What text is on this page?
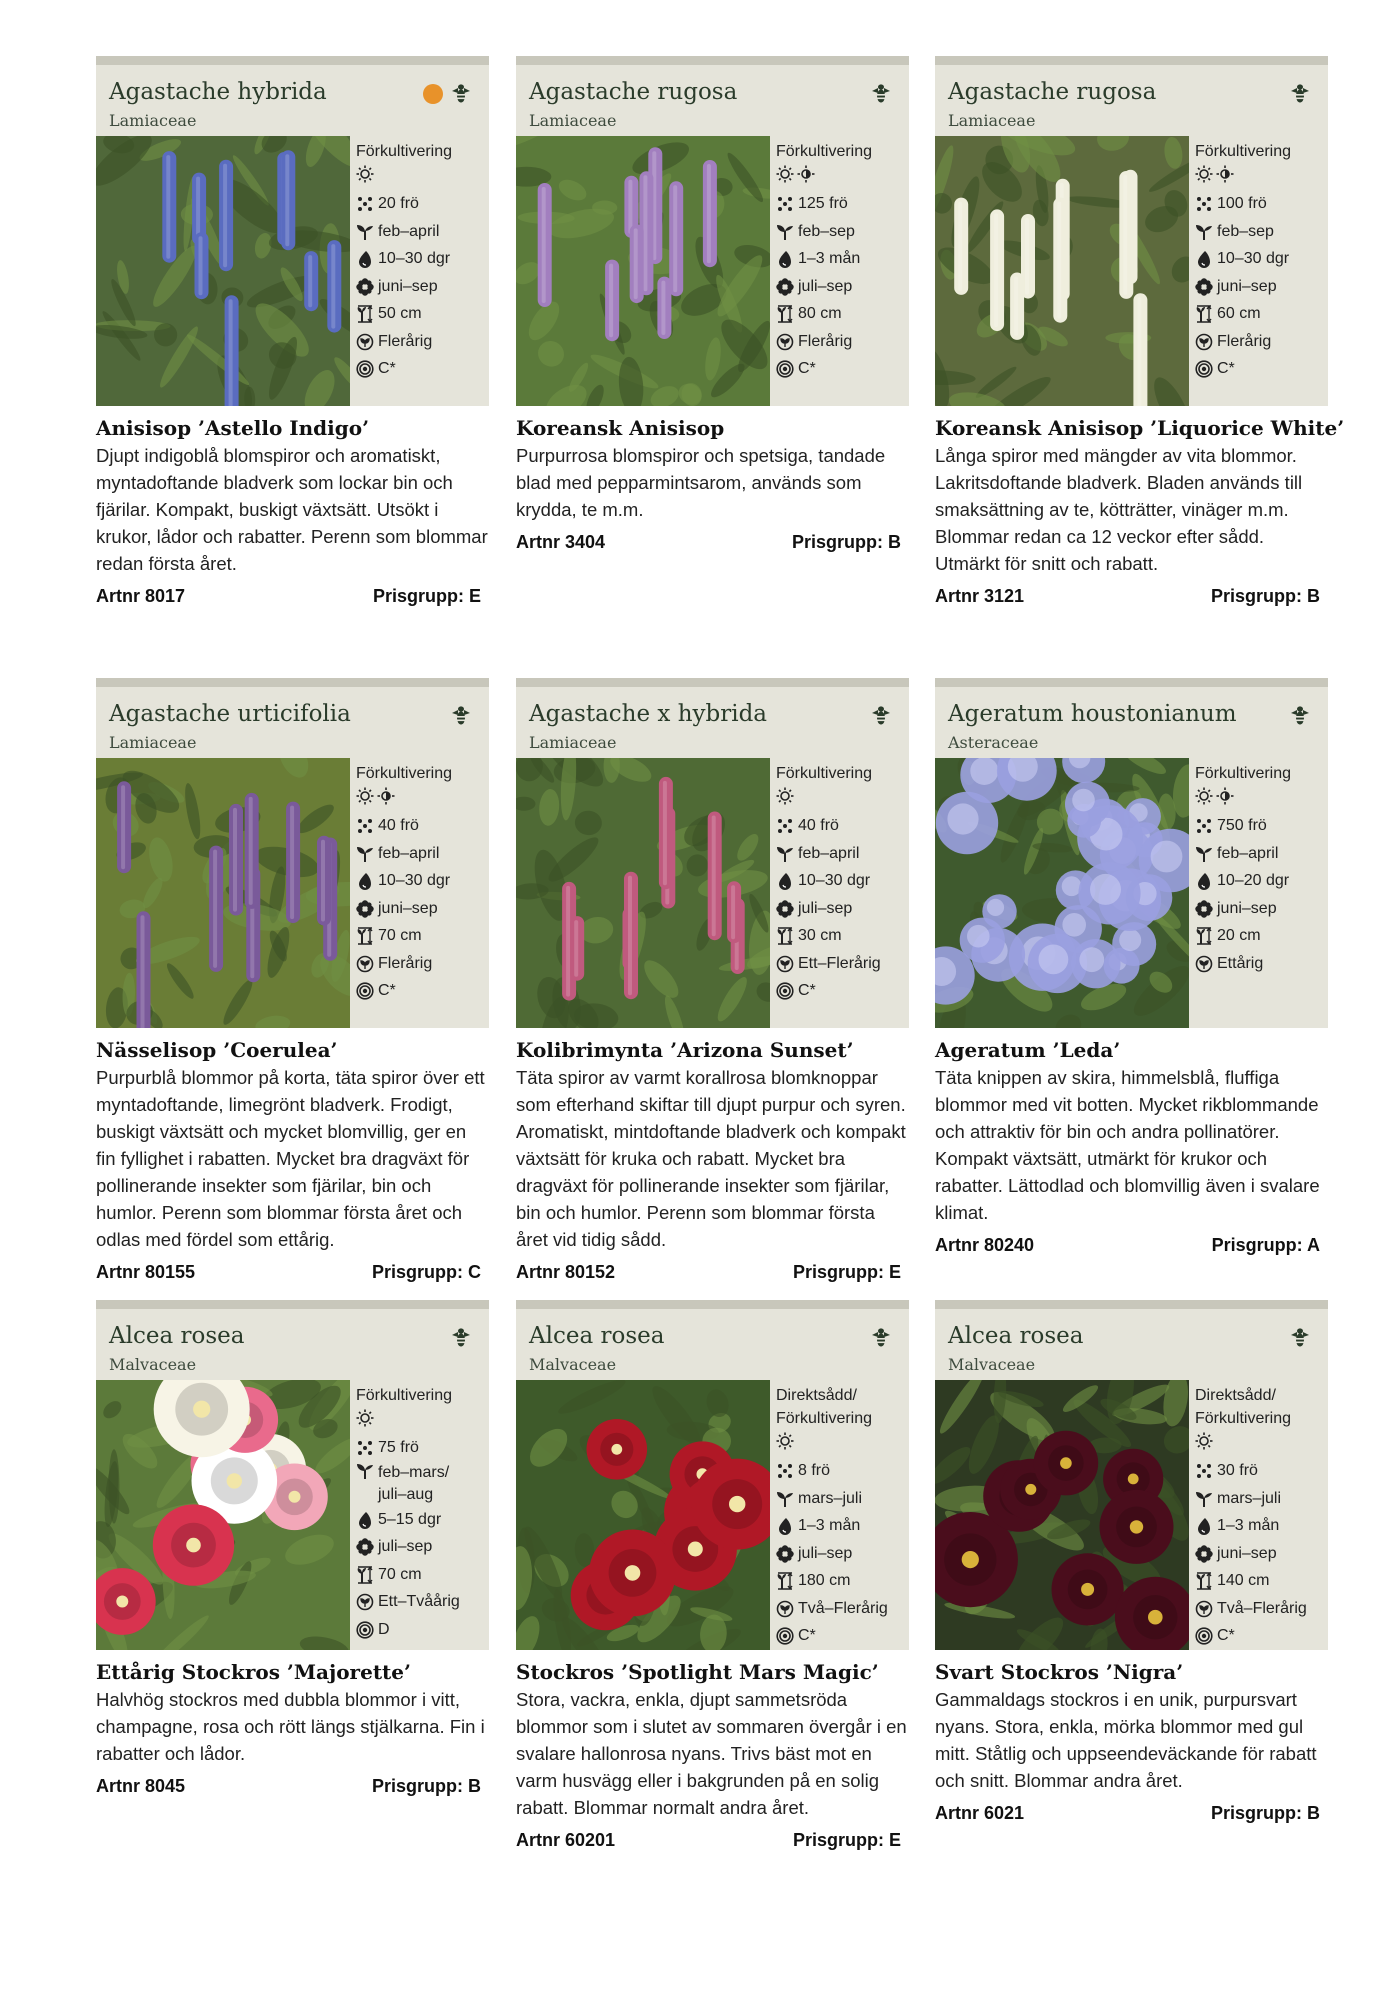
Agastache hybrida
Lamiaceae
Förkultivering
20 frö
feb–april
10–30 dgr
juni–sep
50 cm
Flerårig
C*
Anisisop ’Astello Indigo’
Djupt indigoblå blomspiror och aromatiskt, myntadoftande bladverk som lockar bin och fjärilar. Kompakt, buskigt växtsätt. Utsökt i krukor, lådor och rabatter. Perenn som blommar redan första året.
Artnr 8017	Prisgrupp: E
Agastache rugosa
Lamiaceae
Förkultivering
125 frö
feb–sep
1–3 mån
juli–sep
80 cm
Flerårig
C*
Koreansk Anisisop
Purpurrosa blomspiror och spetsiga, tandade blad med pepparmintsarom, används som krydda, te m.m.
Artnr 3404	Prisgrupp: B
Agastache rugosa
Lamiaceae
Förkultivering
100 frö
feb–sep
10–30 dgr
juni–sep
60 cm
Flerårig
C*
Koreansk Anisisop ’Liquorice White’
Långa spiror med mängder av vita blommor. Lakritsdoftande bladverk. Bladen används till smaksättning av te, kötträtter, vinäger m.m. Blommar redan ca 12 veckor efter sådd. Utmärkt för snitt och rabatt.
Artnr 3121	Prisgrupp: B
Agastache urticifolia
Lamiaceae
Förkultivering
40 frö
feb–april
10–30 dgr
juni–sep
70 cm
Flerårig
C*
Nässelisop ’Coerulea’
Purpurblå blommor på korta, täta spiror över ett myntadoftande, limegrönt bladverk. Frodigt, buskigt växtsätt och mycket blomvillig, ger en fin fyllighet i rabatten. Mycket bra dragväxt för pollinerande insekter som fjärilar, bin och humlor. Perenn som blommar första året och odlas med fördel som ettårig.
Artnr 80155	Prisgrupp: C
Agastache x hybrida
Lamiaceae
Förkultivering
40 frö
feb–april
10–30 dgr
juli–sep
30 cm
Ett–Flerårig
C*
Kolibrimynta ’Arizona Sunset’
Täta spiror av varmt korallrosa blomknoppar som efterhand skiftar till djupt purpur och syren. Aromatiskt, mintdoftande bladverk och kompakt växtsätt för kruka och rabatt. Mycket bra dragväxt för pollinerande insekter som fjärilar, bin och humlor. Perenn som blommar första året vid tidig sådd.
Artnr 80152	Prisgrupp: E
Ageratum houstonianum
Asteraceae
Förkultivering
750 frö
feb–april
10–20 dgr
juni–sep
20 cm
Ettårig
Ageratum ’Leda’
Täta knippen av skira, himmelsblå, fluffiga blommor med vit botten. Mycket rikblommande och attraktiv för bin och andra pollinatörer. Kompakt växtsätt, utmärkt för krukor och rabatter. Lättodlad och blomvillig även i svalare klimat.
Artnr 80240	Prisgrupp: A
Alcea rosea
Malvaceae
Förkultivering
75 frö
feb–mars/
juli–aug
5–15 dgr
juli–sep
70 cm
Ett–Tvåårig
D
Ettårig Stockros ’Majorette’
Halvhög stockros med dubbla blommor i vitt, champagne, rosa och rött längs stjälkarna. Fin i rabatter och lådor.
Artnr 8045	Prisgrupp: B
Alcea rosea
Malvaceae
Direktsådd/
Förkultivering
8 frö
mars–juli
1–3 mån
juli–sep
180 cm
Två–Flerårig
C*
Stockros ’Spotlight Mars Magic’
Stora, vackra, enkla, djupt sammetsröda blommor som i slutet av sommaren övergår i en svalare hallonrosa nyans. Trivs bäst mot en varm husvägg eller i bakgrunden på en solig rabatt. Blommar normalt andra året.
Artnr 60201	Prisgrupp: E
Alcea rosea
Malvaceae
Direktsådd/
Förkultivering
30 frö
mars–juli
1–3 mån
juni–sep
140 cm
Två–Flerårig
C*
Svart Stockros ’Nigra’
Gammaldags stockros i en unik, purpursvart nyans. Stora, enkla, mörka blommor med gul mitt. Ståtlig och uppseendeväckande för rabatt och snitt. Blommar andra året.
Artnr 6021	Prisgrupp: B
